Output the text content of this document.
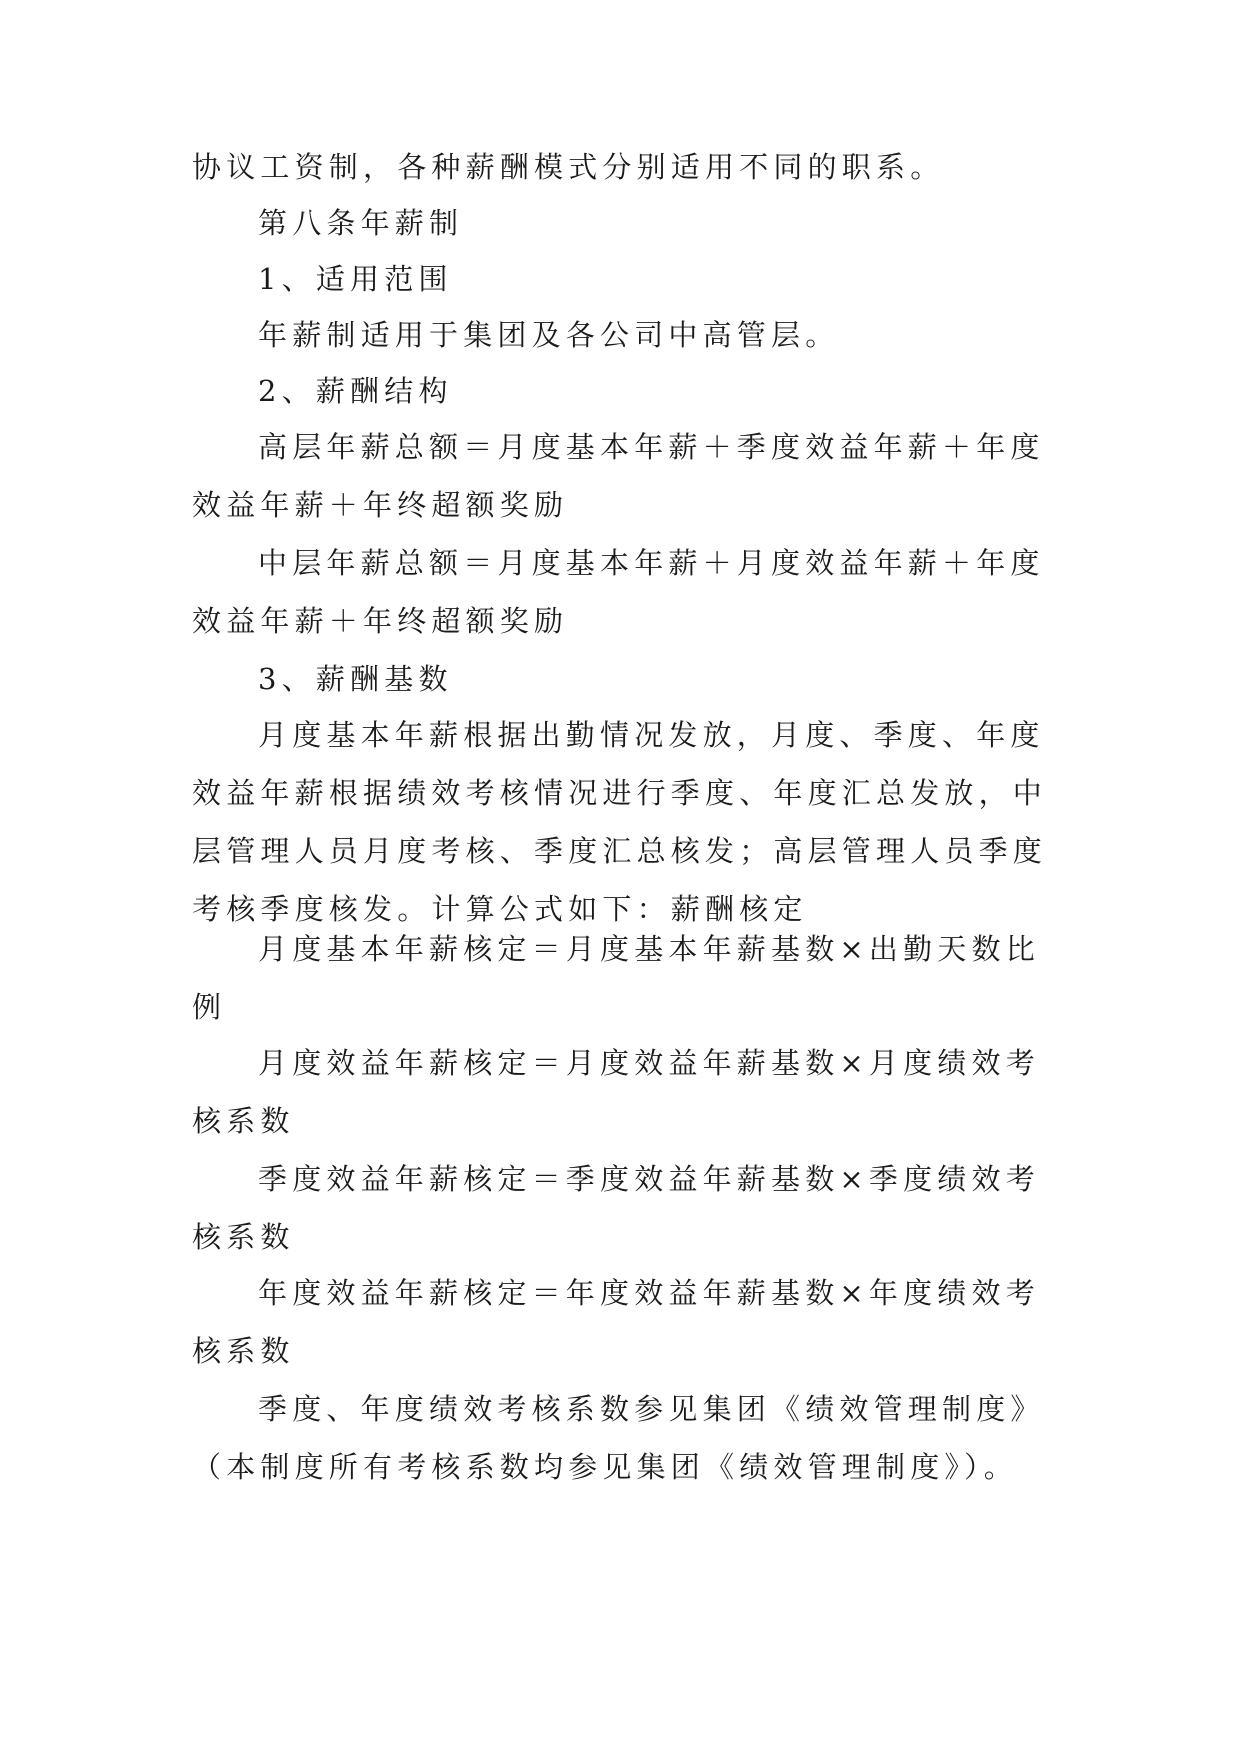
协议工资制，各种薪酬模式分别适用不同的职系。

第八条年薪制

1、适用范围

年薪制适用于集团及各公司中高管层。

2、薪酬结构

高层年薪总额＝月度基本年薪＋季度效益年薪＋年度效益年薪＋年终超额奖励

中层年薪总额＝月度基本年薪＋月度效益年薪＋年度效益年薪＋年终超额奖励

3、薪酬基数

月度基本年薪根据出勤情况发放，月度、季度、年度效益年薪根据绩效考核情况进行季度、年度汇总发放，中层管理人员月度考核、季度汇总核发；高层管理人员季度考核季度核发。计算公式如下：薪酬核定

月度基本年薪核定＝月度基本年薪基数×出勤天数比例

月度效益年薪核定＝月度效益年薪基数×月度绩效考核系数

季度效益年薪核定＝季度效益年薪基数×季度绩效考核系数

年度效益年薪核定＝年度效益年薪基数×年度绩效考核系数

季度、年度绩效考核系数参见集团《绩效管理制度》（本制度所有考核系数均参见集团《绩效管理制度》）。
